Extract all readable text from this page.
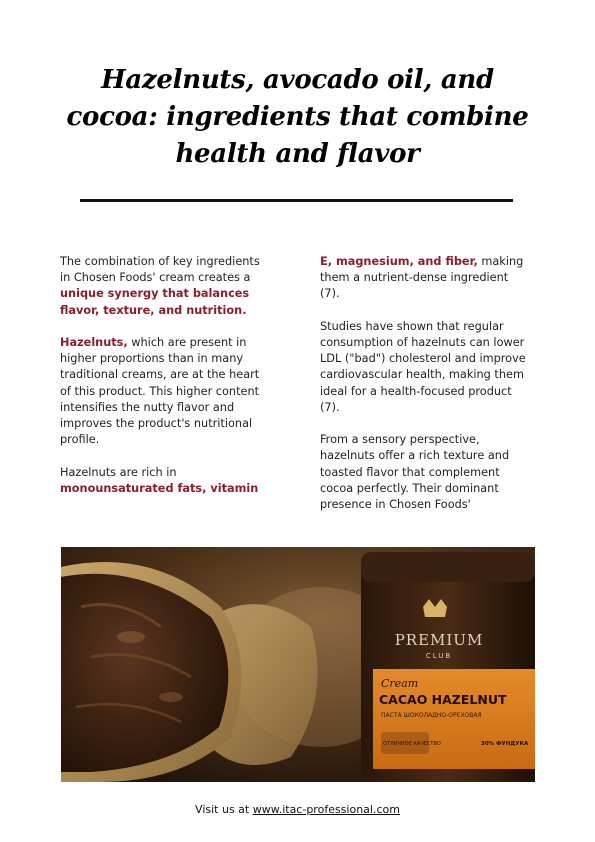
Hazelnuts, avocado oil, and cocoa: ingredients that combine health and flavor

The combination of key ingredients in Chosen Foods' cream creates a unique synergy that balances flavor, texture, and nutrition.

Hazelnuts, which are present in higher proportions than in many traditional creams, are at the heart of this product. This higher content intensifies the nutty flavor and improves the product's nutritional profile.

Hazelnuts are rich in monounsaturated fats, vitamin

E, magnesium, and fiber, making them a nutrient-dense ingredient (7).

Studies have shown that regular consumption of hazelnuts can lower LDL ("bad") cholesterol and improve cardiovascular health, making them ideal for a health-focused product (7).

From a sensory perspective, hazelnuts offer a rich texture and toasted flavor that complement cocoa perfectly. Their dominant presence in Chosen Foods'

PREMIUM
CLUB
Cream
CACAO HAZELNUT
ПАСТА ШОКОЛАДНО-ОРЕХОВАЯ
ОТЛИЧНОЕ КАЧЕСТВО	30% ФУНДУКА
Visit us at www.itac-professional.com
